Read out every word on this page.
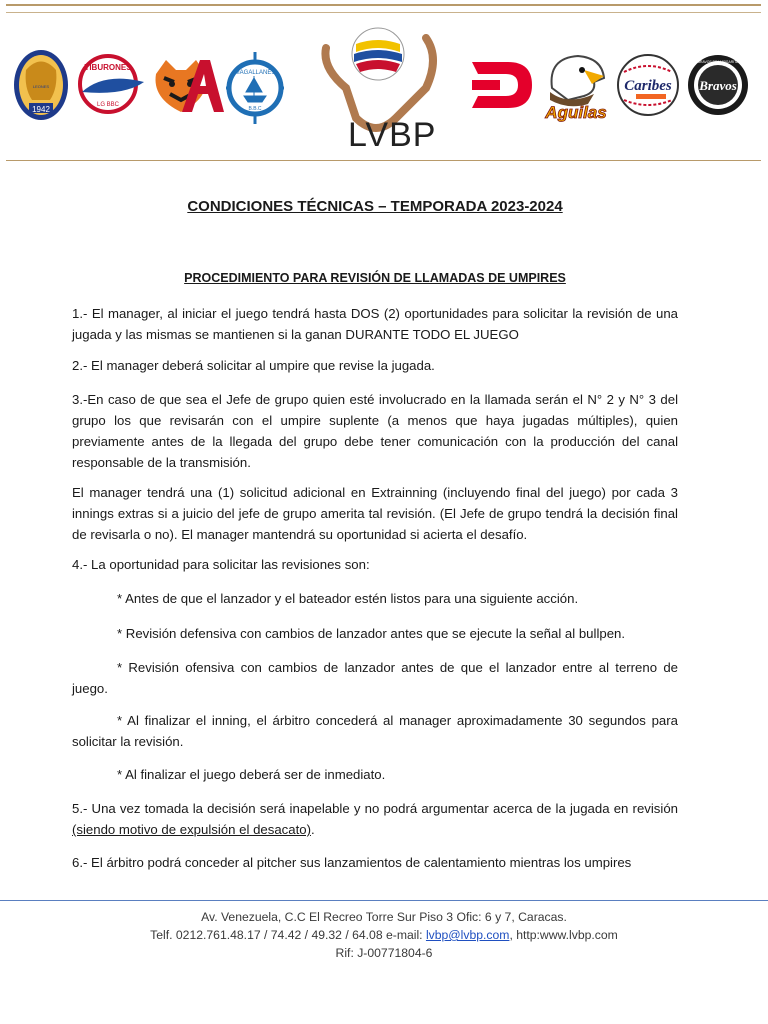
1942
LEONES
TIBURONES
LG BBC
MAGALLANES
B.B.C
LVBP
Aguilas
Caribes Bravos
BRAVOS DE MARGARITA
CONDICIONES TÉCNICAS – TEMPORADA 2023-2024
PROCEDIMIENTO PARA REVISIÓN DE LLAMADAS DE UMPIRES

1.- El manager, al iniciar el juego tendrá hasta DOS (2) oportunidades para solicitar la revisión de una jugada y las mismas se mantienen si la ganan DURANTE TODO EL JUEGO

2.- El manager deberá solicitar al umpire que revise la jugada.

3.-En caso de que sea el Jefe de grupo quien esté involucrado en la llamada serán el N° 2 y N° 3 del grupo los que revisarán con el umpire suplente (a menos que haya jugadas múltiples), quien previamente antes de la llegada del grupo debe tener comunicación con la producción del canal responsable de la transmisión.

El manager tendrá una (1) solicitud adicional en Extrainning (incluyendo final del juego) por cada 3 innings extras si a juicio del jefe de grupo amerita tal revisión. (El Jefe de grupo tendrá la decisión final de revisarla o no). El manager mantendrá su oportunidad si acierta el desafío.

4.- La oportunidad para solicitar las revisiones son:

* Antes de que el lanzador y el bateador estén listos para una siguiente acción.

* Revisión defensiva con cambios de lanzador antes que se ejecute la señal al bullpen.

* Revisión ofensiva con cambios de lanzador antes de que el lanzador entre al terreno de juego.

* Al finalizar el inning, el árbitro concederá al manager aproximadamente 30 segundos para solicitar la revisión.

* Al finalizar el juego deberá ser de inmediato.

5.- Una vez tomada la decisión será inapelable y no podrá argumentar acerca de la jugada en revisión (siendo motivo de expulsión el desacato).

6.- El árbitro podrá conceder al pitcher sus lanzamientos de calentamiento mientras los umpires

Av. Venezuela, C.C El Recreo Torre Sur Piso 3 Ofic: 6 y 7, Caracas.
Telf. 0212.761.48.17 / 74.42 / 49.32 / 64.08 e-mail: lvbp@lvbp.com, http:www.lvbp.com
Rif: J-00771804-6
